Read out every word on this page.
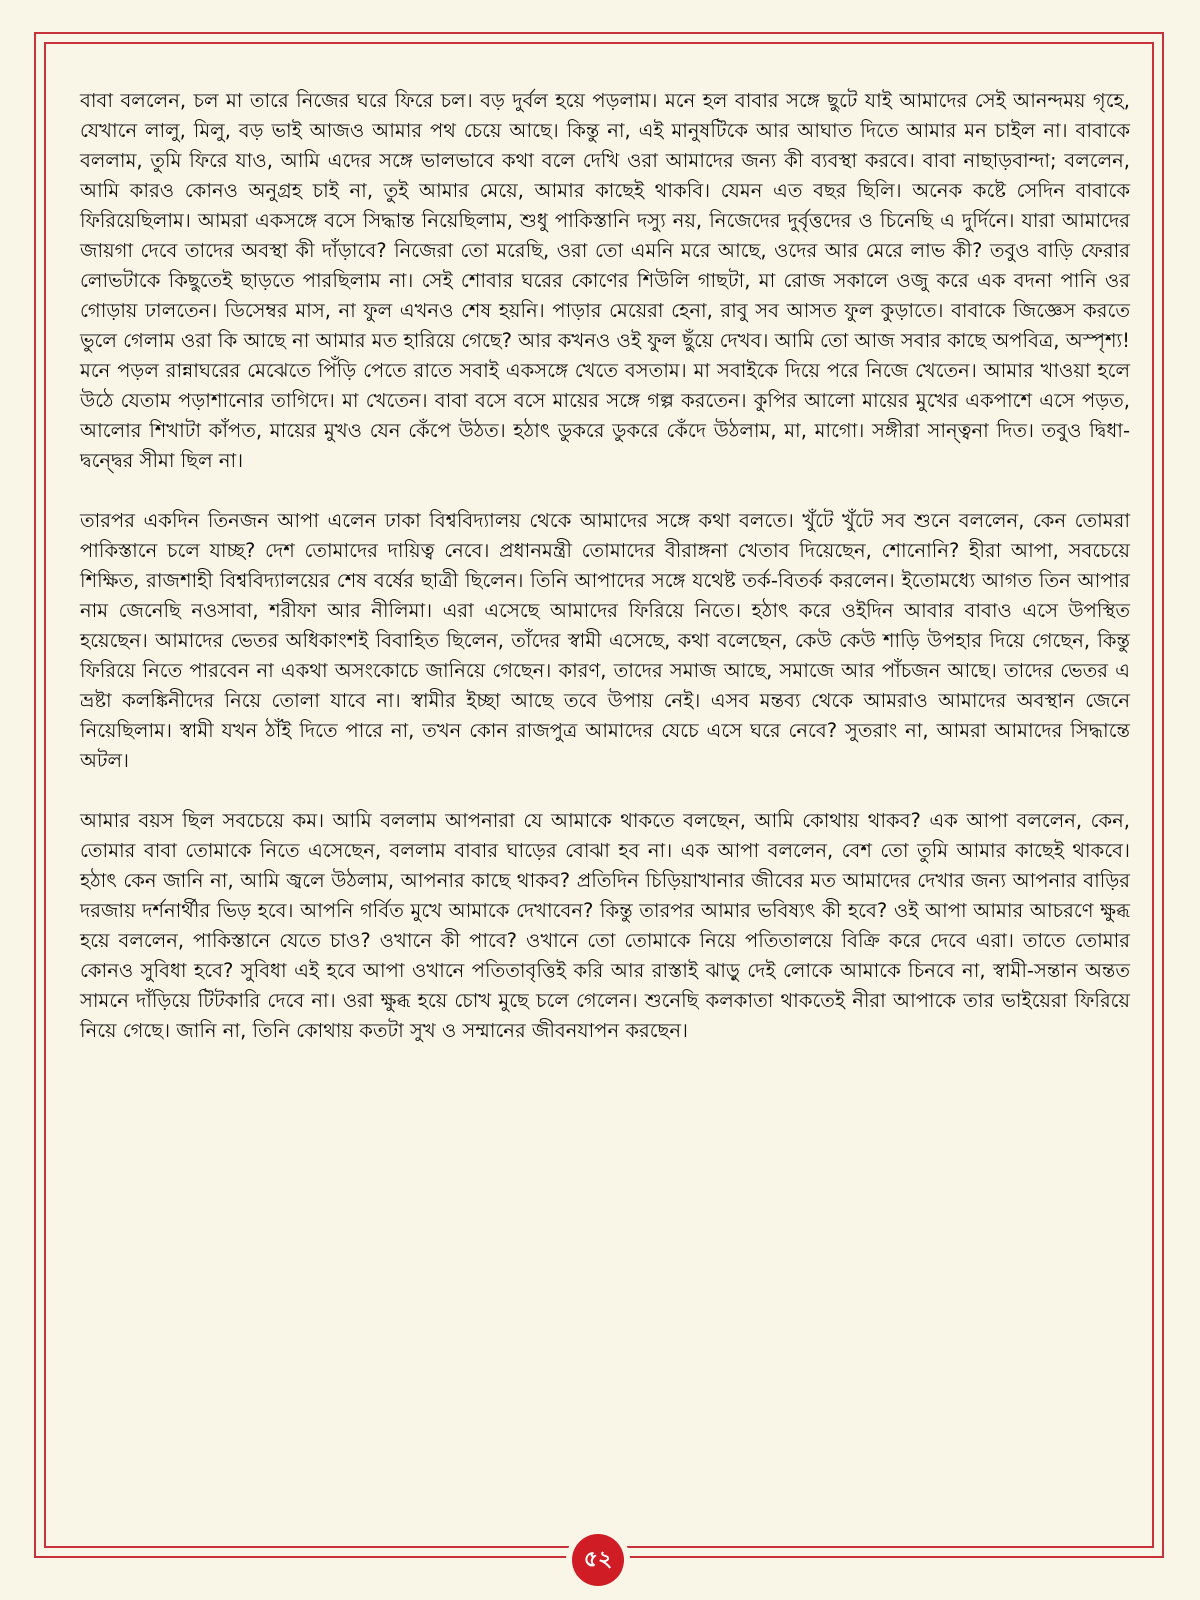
বাবা বললেন, চল মা তারে নিজের ঘরে ফিরে চল। বড় দুর্বল হয়ে পড়লাম। মনে হল বাবার সঙ্গে ছুটে যাই আমাদের সেই আনন্দময় গৃহে, যেখানে লালু, মিলু, বড় ভাই আজও আমার পথ চেয়ে আছে। কিন্তু না, এই মানুষটিকে আর আঘাত দিতে আমার মন চাইল না। বাবাকে বললাম, তুমি ফিরে যাও, আমি এদের সঙ্গে ভালভাবে কথা বলে দেখি ওরা আমাদের জন্য কী ব্যবস্থা করবে। বাবা নাছাড়বান্দা; বললেন, আমি কারও কোনও অনুগ্রহ চাই না, তুই আমার মেয়ে, আমার কাছেই থাকবি। যেমন এত বছর ছিলি। অনেক কষ্টে সেদিন বাবাকে ফিরিয়েছিলাম। আমরা একসঙ্গে বসে সিদ্ধান্ত নিয়েছিলাম, শুধু পাকিস্তানি দস্যু নয়, নিজেদের দুর্বৃত্তদের ও চিনেছি এ দুর্দিনে। যারা আমাদের জায়গা দেবে তাদের অবস্থা কী দাঁড়াবে? নিজেরা তো মরেছি, ওরা তো এমনি মরে আছে, ওদের আর মেরে লাভ কী? তবুও বাড়ি ফেরার লোভটাকে কিছুতেই ছাড়তে পারছিলাম না। সেই শোবার ঘরের কোণের শিউলি গাছটা, মা রোজ সকালে ওজু করে এক বদনা পানি ওর গোড়ায় ঢালতেন। ডিসেম্বর মাস, না ফুল এখনও শেষ হয়নি। পাড়ার মেয়েরা হেনা, রাবু সব আসত ফুল কুড়াতে। বাবাকে জিজ্ঞেস করতে ভুলে গেলাম ওরা কি আছে না আমার মত হারিয়ে গেছে? আর কখনও ওই ফুল ছুঁয়ে দেখব। আমি তো আজ সবার কাছে অপবিত্র, অস্পৃশ্য! মনে পড়ল রান্নাঘরের মেঝেতে পিঁড়ি পেতে রাতে সবাই একসঙ্গে খেতে বসতাম। মা সবাইকে দিয়ে পরে নিজে খেতেন। আমার খাওয়া হলে উঠে যেতাম পড়াশানোর তাগিদে। মা খেতেন। বাবা বসে বসে মায়ের সঙ্গে গল্প করতেন। কুপির আলো মায়ের মুখের একপাশে এসে পড়ত, আলোর শিখাটা কাঁপত, মায়ের মুখও যেন কেঁপে উঠত। হঠাৎ ডুকরে ডুকরে কেঁদে উঠলাম, মা, মাগো। সঙ্গীরা সান্ত্বনা দিত। তবুও দ্বিধা-দ্বন্দ্বের সীমা ছিল না।

তারপর একদিন তিনজন আপা এলেন ঢাকা বিশ্ববিদ্যালয় থেকে আমাদের সঙ্গে কথা বলতে। খুঁটে খুঁটে সব শুনে বললেন, কেন তোমরা পাকিস্তানে চলে যাচ্ছ? দেশ তোমাদের দায়িত্ব নেবে। প্রধানমন্ত্রী তোমাদের বীরাঙ্গনা খেতাব দিয়েছেন, শোনোনি? হীরা আপা, সবচেয়ে শিক্ষিত, রাজশাহী বিশ্ববিদ্যালয়ের শেষ বর্ষের ছাত্রী ছিলেন। তিনি আপাদের সঙ্গে যথেষ্ট তর্ক-বিতর্ক করলেন। ইতোমধ্যে আগত তিন আপার নাম জেনেছি নওসাবা, শরীফা আর নীলিমা। এরা এসেছে আমাদের ফিরিয়ে নিতে। হঠাৎ করে ওইদিন আবার বাবাও এসে উপস্থিত হয়েছেন। আমাদের ভেতর অধিকাংশই বিবাহিত ছিলেন, তাঁদের স্বামী এসেছে, কথা বলেছেন, কেউ কেউ শাড়ি উপহার দিয়ে গেছেন, কিন্তু ফিরিয়ে নিতে পারবেন না একথা অসংকোচে জানিয়ে গেছেন। কারণ, তাদের সমাজ আছে, সমাজে আর পাঁচজন আছে। তাদের ভেতর এ ভ্রষ্টা কলঙ্কিনীদের নিয়ে তোলা যাবে না। স্বামীর ইচ্ছা আছে তবে উপায় নেই। এসব মন্তব্য থেকে আমরাও আমাদের অবস্থান জেনে নিয়েছিলাম। স্বামী যখন ঠাঁই দিতে পারে না, তখন কোন রাজপুত্র আমাদের যেচে এসে ঘরে নেবে? সুতরাং না, আমরা আমাদের সিদ্ধান্তে অটল।

আমার বয়স ছিল সবচেয়ে কম। আমি বললাম আপনারা যে আমাকে থাকতে বলছেন, আমি কোথায় থাকব? এক আপা বললেন, কেন, তোমার বাবা তোমাকে নিতে এসেছেন, বললাম বাবার ঘাড়ের বোঝা হব না। এক আপা বললেন, বেশ তো তুমি আমার কাছেই থাকবে। হঠাৎ কেন জানি না, আমি জ্বলে উঠলাম, আপনার কাছে থাকব? প্রতিদিন চিড়িয়াখানার জীবের মত আমাদের দেখার জন্য আপনার বাড়ির দরজায় দর্শনার্থীর ভিড় হবে। আপনি গর্বিত মুখে আমাকে দেখাবেন? কিন্তু তারপর আমার ভবিষ্যৎ কী হবে? ওই আপা আমার আচরণে ক্ষুব্ধ হয়ে বললেন, পাকিস্তানে যেতে চাও? ওখানে কী পাবে? ওখানে তো তোমাকে নিয়ে পতিতালয়ে বিক্রি করে দেবে এরা। তাতে তোমার কোনও সুবিধা হবে? সুবিধা এই হবে আপা ওখানে পতিতাবৃত্তিই করি আর রাস্তাই ঝাড়ু দেই লোকে আমাকে চিনবে না, স্বামী-সন্তান অন্তত সামনে দাঁড়িয়ে টিটকারি দেবে না। ওরা ক্ষুব্ধ হয়ে চোখ মুছে চলে গেলেন। শুনেছি কলকাতা থাকতেই নীরা আপাকে তার ভাইয়েরা ফিরিয়ে নিয়ে গেছে। জানি না, তিনি কোথায় কতটা সুখ ও সম্মানের জীবনযাপন করছেন।

৫২
